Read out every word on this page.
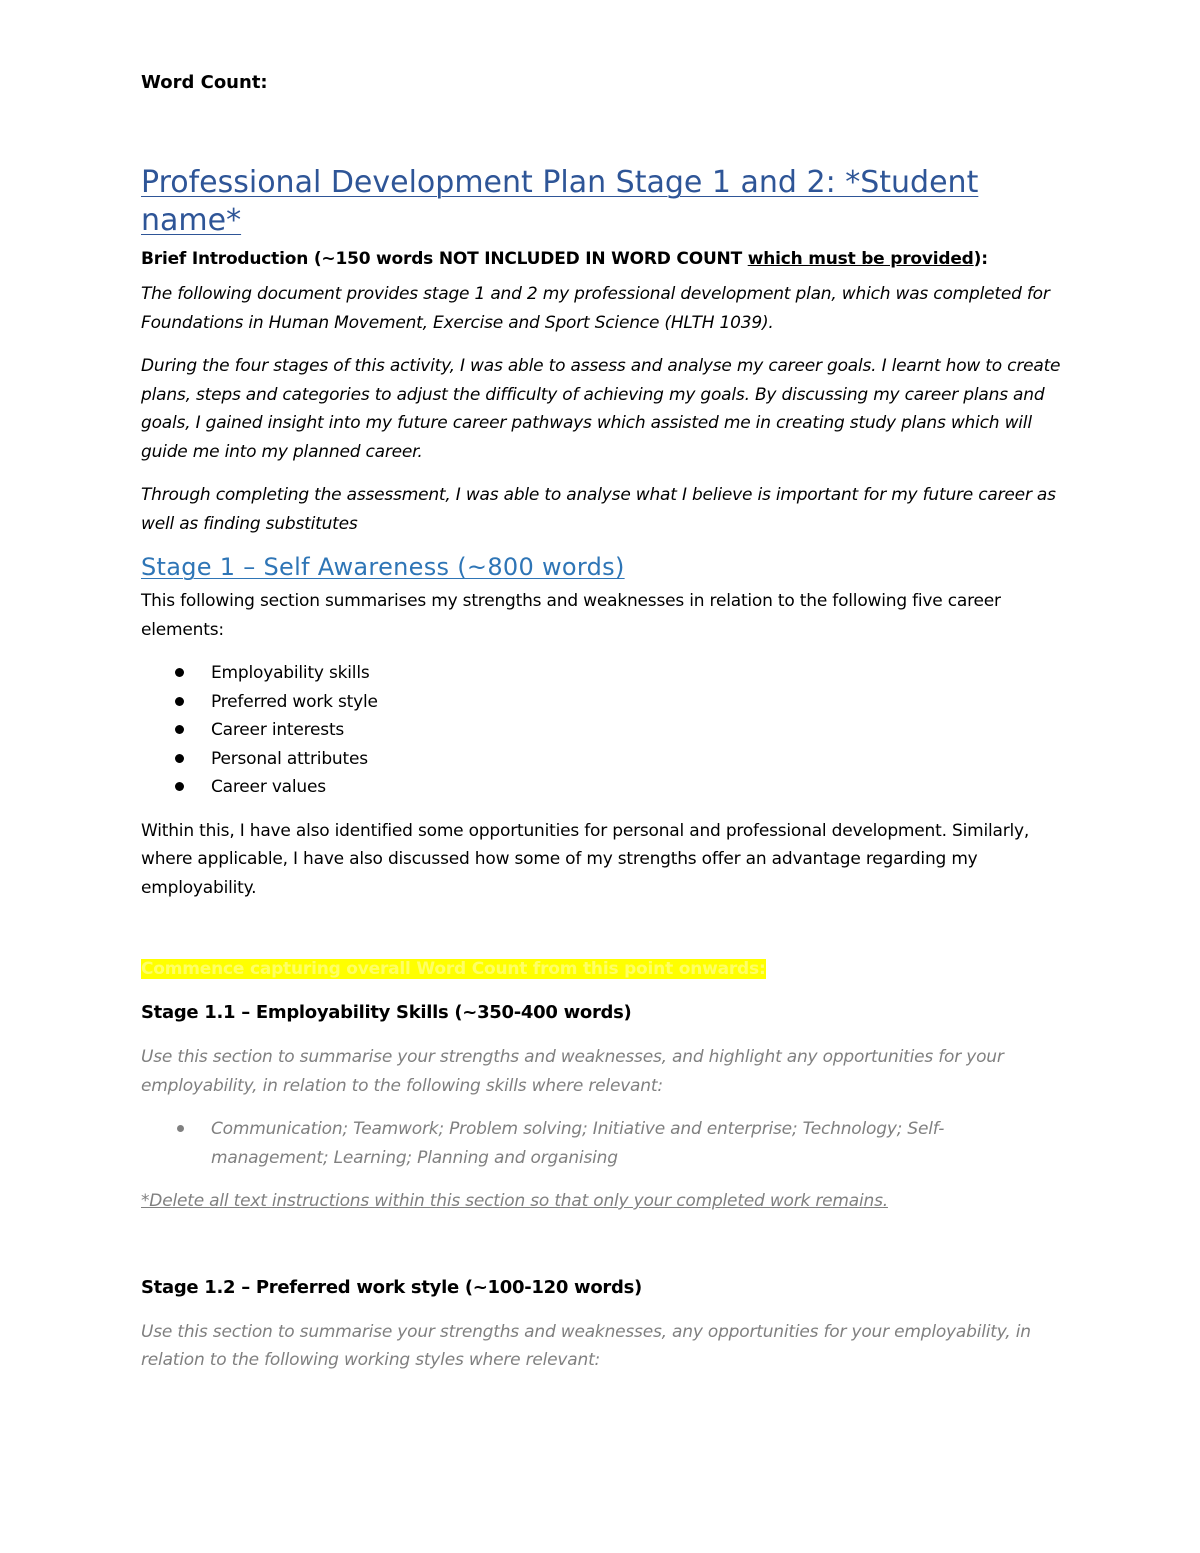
Word Count:

Professional Development Plan Stage 1 and 2: *Student name*

Brief Introduction (~150 words NOT INCLUDED IN WORD COUNT which must be provided):

The following document provides stage 1 and 2 my professional development plan, which was completed for Foundations in Human Movement, Exercise and Sport Science (HLTH 1039).

During the four stages of this activity, I was able to assess and analyse my career goals. I learnt how to create plans, steps and categories to adjust the difficulty of achieving my goals. By discussing my career plans and goals, I gained insight into my future career pathways which assisted me in creating study plans which will guide me into my planned career.

Through completing the assessment, I was able to analyse what I believe is important for my future career as well as finding substitutes

Stage 1 – Self Awareness (~800 words)

This following section summarises my strengths and weaknesses in relation to the following five career elements:

Employability skills
Preferred work style
Career interests
Personal attributes
Career values

Within this, I have also identified some opportunities for personal and professional development. Similarly, where applicable, I have also discussed how some of my strengths offer an advantage regarding my employability.

Commence capturing overall Word Count from this point onwards:

Stage 1.1 – Employability Skills (~350-400 words)

Use this section to summarise your strengths and weaknesses, and highlight any opportunities for your employability, in relation to the following skills where relevant:

Communication; Teamwork; Problem solving; Initiative and enterprise; Technology; Self-management; Learning; Planning and organising

*Delete all text instructions within this section so that only your completed work remains.

Stage 1.2 – Preferred work style (~100-120 words)

Use this section to summarise your strengths and weaknesses, any opportunities for your employability, in relation to the following working styles where relevant:
